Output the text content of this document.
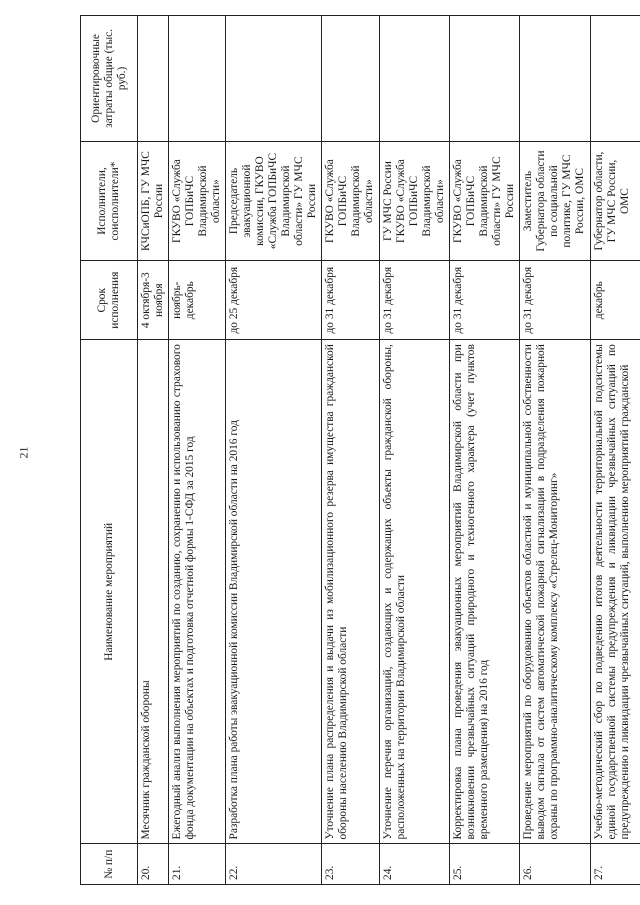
21
№ п/п	Наименование мероприятий	Срок исполнения	Исполнители, соисполнители*	Ориентировочные затраты общие (тыс. руб.)
20.	Месячник гражданской обороны	4 октября-3 ноября	КЧСиОПБ, ГУ МЧС России	
21.	Ежегодный анализ выполнения мероприятий по созданию, сохранению и использованию страхового фонда документации на объектах и подготовка отчетной формы 1-СФД за 2015 год	ноябрь-декабрь	ГКУВО «Служба ГОПБиЧС Владимирской области»	
22.	Разработка плана работы эвакуационной комиссии Владимирской области на 2016 год	до 25 декабря	Председатель эвакуационной комиссии, ГКУВО «Служба ГОПБиЧС Владимирской области» ГУ МЧС России	
23.	Уточнение плана распределения и выдачи из мобилизационного резерва имущества гражданской обороны населению Владимирской области	до 31 декабря	ГКУВО «Служба ГОПБиЧС Владимирской области»	
24.	Уточнение перечня организаций, создающих и содержащих объекты гражданской обороны, расположенных на территории Владимирской области	до 31 декабря	ГУ МЧС России ГКУВО «Служба ГОПБиЧС Владимирской области»	
25.	Корректировка плана проведения эвакуационных мероприятий Владимирской области при возникновении чрезвычайных ситуаций природного и техногенного характера (учет пунктов временного размещения) на 2016 год	до 31 декабря	ГКУВО «Служба ГОПБиЧС Владимирской области» ГУ МЧС России	
26.	Проведение мероприятий по оборудованию объектов областной и муниципальной собственности выводом сигнала от систем автоматической пожарной сигнализации в подразделения пожарной охраны по программно-аналитическому комплексу «Стрелец-Мониторинг»	до 31 декабря	Заместитель Губернатора области по социальной политике, ГУ МЧС России, ОМС	
27.	Учебно-методический сбор по подведению итогов деятельности территориальной подсистемы единой государственной системы предупреждения и ликвидации чрезвычайных ситуаций по предупреждению и ликвидации чрезвычайных ситуаций, выполнению мероприятий гражданской	декабрь	Губернатор области, ГУ МЧС России, ОМС	
